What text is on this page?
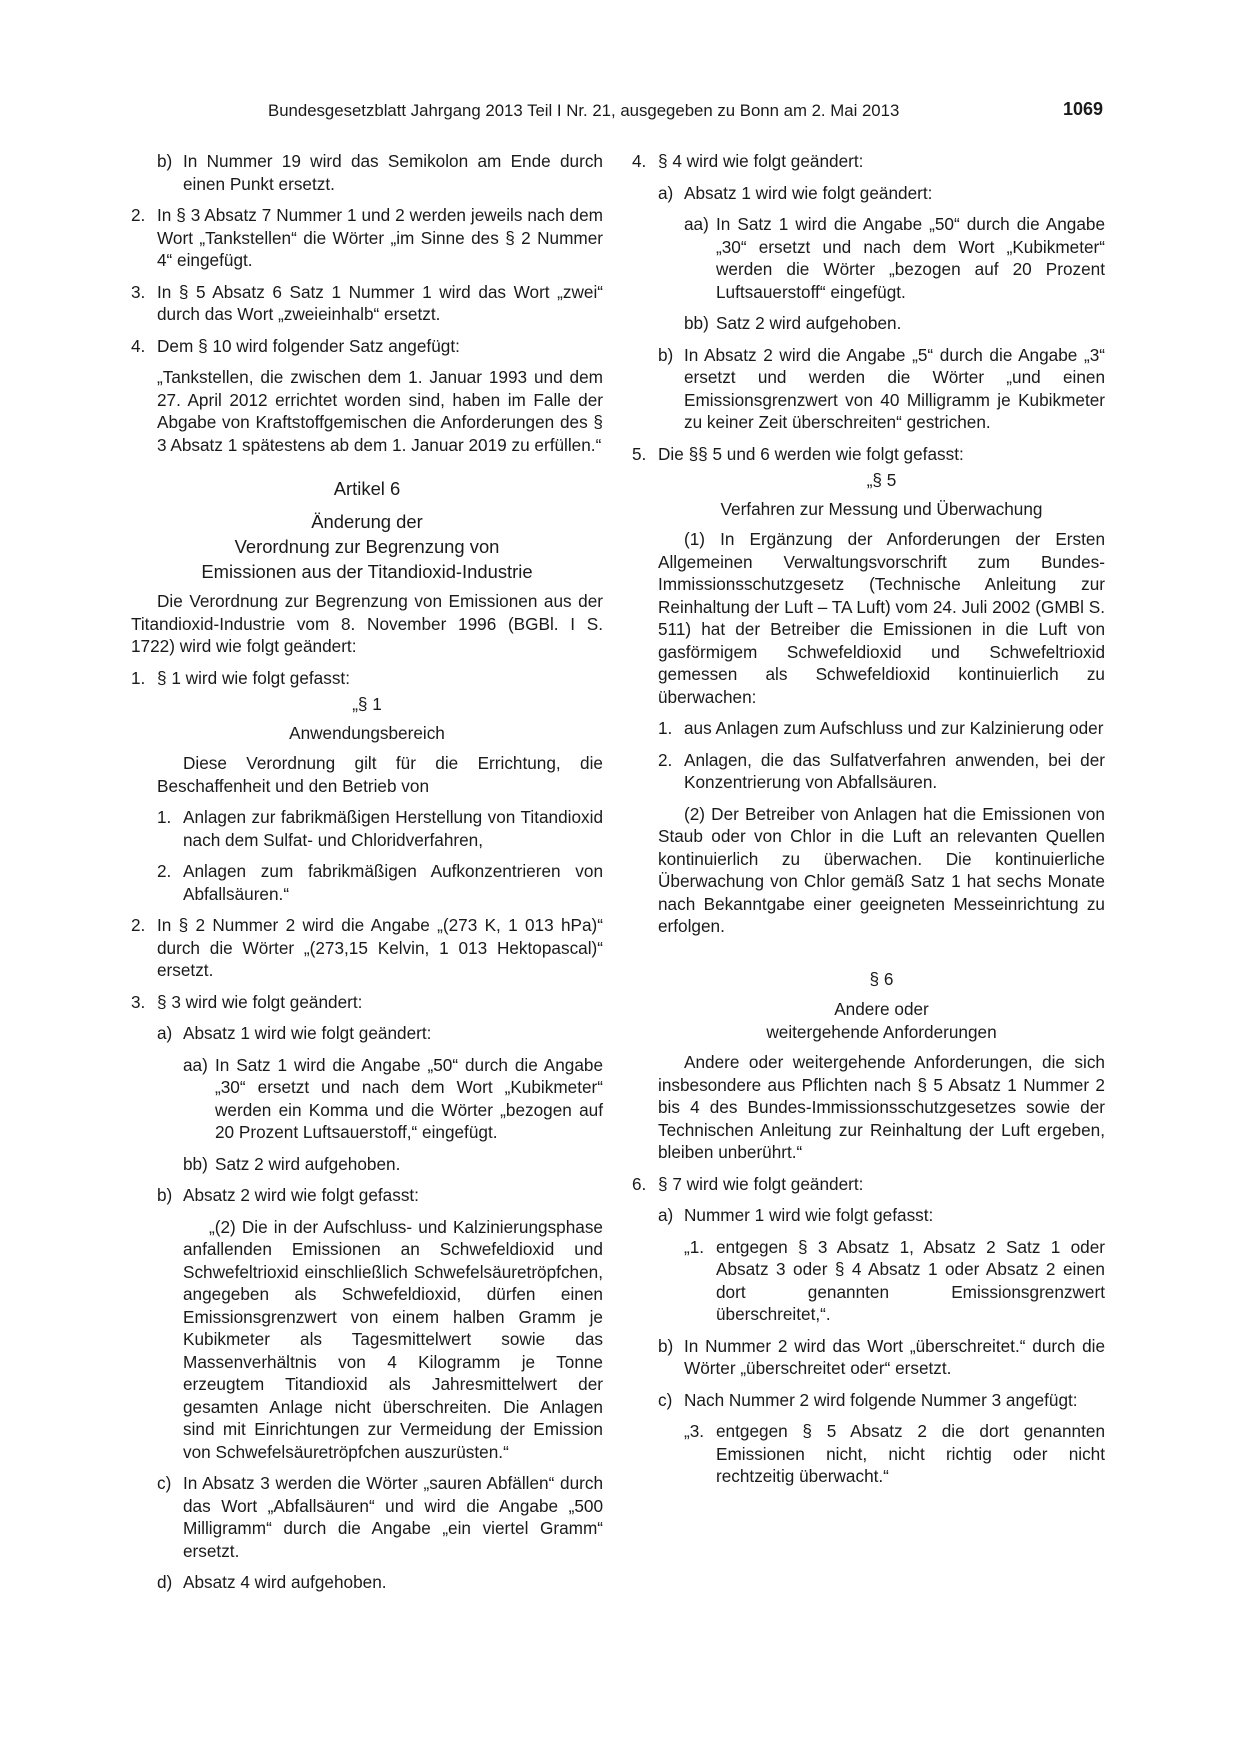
Bundesgesetzblatt Jahrgang 2013 Teil I Nr. 21, ausgegeben zu Bonn am 2. Mai 2013	1069
b) In Nummer 19 wird das Semikolon am Ende durch einen Punkt ersetzt.

2. In § 3 Absatz 7 Nummer 1 und 2 werden jeweils nach dem Wort „Tankstellen“ die Wörter „im Sinne des § 2 Nummer 4“ eingefügt.

3. In § 5 Absatz 6 Satz 1 Nummer 1 wird das Wort „zwei“ durch das Wort „zweieinhalb“ ersetzt.

4. Dem § 10 wird folgender Satz angefügt:

„Tankstellen, die zwischen dem 1. Januar 1993 und dem 27. April 2012 errichtet worden sind, haben im Falle der Abgabe von Kraftstoffgemischen die Anforderungen des § 3 Absatz 1 spätestens ab dem 1. Januar 2019 zu erfüllen.“

Artikel 6

Änderung der

Verordnung zur Begrenzung von

Emissionen aus der Titandioxid-Industrie

Die Verordnung zur Begrenzung von Emissionen aus der Titandioxid-Industrie vom 8. November 1996 (BGBl. I S. 1722) wird wie folgt geändert:

1. § 1 wird wie folgt gefasst:

„§ 1

Anwendungsbereich

Diese Verordnung gilt für die Errichtung, die Beschaffenheit und den Betrieb von

1. Anlagen zur fabrikmäßigen Herstellung von Titandioxid nach dem Sulfat- und Chloridverfahren,

2. Anlagen zum fabrikmäßigen Aufkonzentrieren von Abfallsäuren.“

2. In § 2 Nummer 2 wird die Angabe „(273 K, 1 013 hPa)“ durch die Wörter „(273,15 Kelvin, 1 013 Hektopascal)“ ersetzt.

3. § 3 wird wie folgt geändert:

a) Absatz 1 wird wie folgt geändert:

aa) In Satz 1 wird die Angabe „50“ durch die Angabe „30“ ersetzt und nach dem Wort „Kubikmeter“ werden ein Komma und die Wörter „bezogen auf 20 Prozent Luftsauerstoff,“ eingefügt.

bb) Satz 2 wird aufgehoben.

b) Absatz 2 wird wie folgt gefasst:

„(2) Die in der Aufschluss- und Kalzinierungsphase anfallenden Emissionen an Schwefeldioxid und Schwefeltrioxid einschließlich Schwefelsäuretröpfchen, angegeben als Schwefeldioxid, dürfen einen Emissionsgrenzwert von einem halben Gramm je Kubikmeter als Tagesmittelwert sowie das Massenverhältnis von 4 Kilogramm je Tonne erzeugtem Titandioxid als Jahresmittelwert der gesamten Anlage nicht überschreiten. Die Anlagen sind mit Einrichtungen zur Vermeidung der Emission von Schwefelsäuretröpfchen auszurüsten.“

c) In Absatz 3 werden die Wörter „sauren Abfällen“ durch das Wort „Abfallsäuren“ und wird die Angabe „500 Milligramm“ durch die Angabe „ein viertel Gramm“ ersetzt.

d) Absatz 4 wird aufgehoben.

4. § 4 wird wie folgt geändert:

a) Absatz 1 wird wie folgt geändert:

aa) In Satz 1 wird die Angabe „50“ durch die Angabe „30“ ersetzt und nach dem Wort „Kubikmeter“ werden die Wörter „bezogen auf 20 Prozent Luftsauerstoff“ eingefügt.

bb) Satz 2 wird aufgehoben.

b) In Absatz 2 wird die Angabe „5“ durch die Angabe „3“ ersetzt und werden die Wörter „und einen Emissionsgrenzwert von 40 Milligramm je Kubikmeter zu keiner Zeit überschreiten“ gestrichen.

5. Die §§ 5 und 6 werden wie folgt gefasst:

„§ 5

Verfahren zur Messung und Überwachung

(1) In Ergänzung der Anforderungen der Ersten Allgemeinen Verwaltungsvorschrift zum Bundes-Immissionsschutzgesetz (Technische Anleitung zur Reinhaltung der Luft – TA Luft) vom 24. Juli 2002 (GMBl S. 511) hat der Betreiber die Emissionen in die Luft von gasförmigem Schwefeldioxid und Schwefeltrioxid gemessen als Schwefeldioxid kontinuierlich zu überwachen:

1. aus Anlagen zum Aufschluss und zur Kalzinierung oder

2. Anlagen, die das Sulfatverfahren anwenden, bei der Konzentrierung von Abfallsäuren.

(2) Der Betreiber von Anlagen hat die Emissionen von Staub oder von Chlor in die Luft an relevanten Quellen kontinuierlich zu überwachen. Die kontinuierliche Überwachung von Chlor gemäß Satz 1 hat sechs Monate nach Bekanntgabe einer geeigneten Messeinrichtung zu erfolgen.

§ 6

Andere oder

weitergehende Anforderungen

Andere oder weitergehende Anforderungen, die sich insbesondere aus Pflichten nach § 5 Absatz 1 Nummer 2 bis 4 des Bundes-Immissionsschutzgesetzes sowie der Technischen Anleitung zur Reinhaltung der Luft ergeben, bleiben unberührt.“

6. § 7 wird wie folgt geändert:

a) Nummer 1 wird wie folgt gefasst:

„1. entgegen § 3 Absatz 1, Absatz 2 Satz 1 oder Absatz 3 oder § 4 Absatz 1 oder Absatz 2 einen dort genannten Emissionsgrenzwert überschreitet,“.

b) In Nummer 2 wird das Wort „überschreitet.“ durch die Wörter „überschreitet oder“ ersetzt.

c) Nach Nummer 2 wird folgende Nummer 3 angefügt:

„3. entgegen § 5 Absatz 2 die dort genannten Emissionen nicht, nicht richtig oder nicht rechtzeitig überwacht.“
